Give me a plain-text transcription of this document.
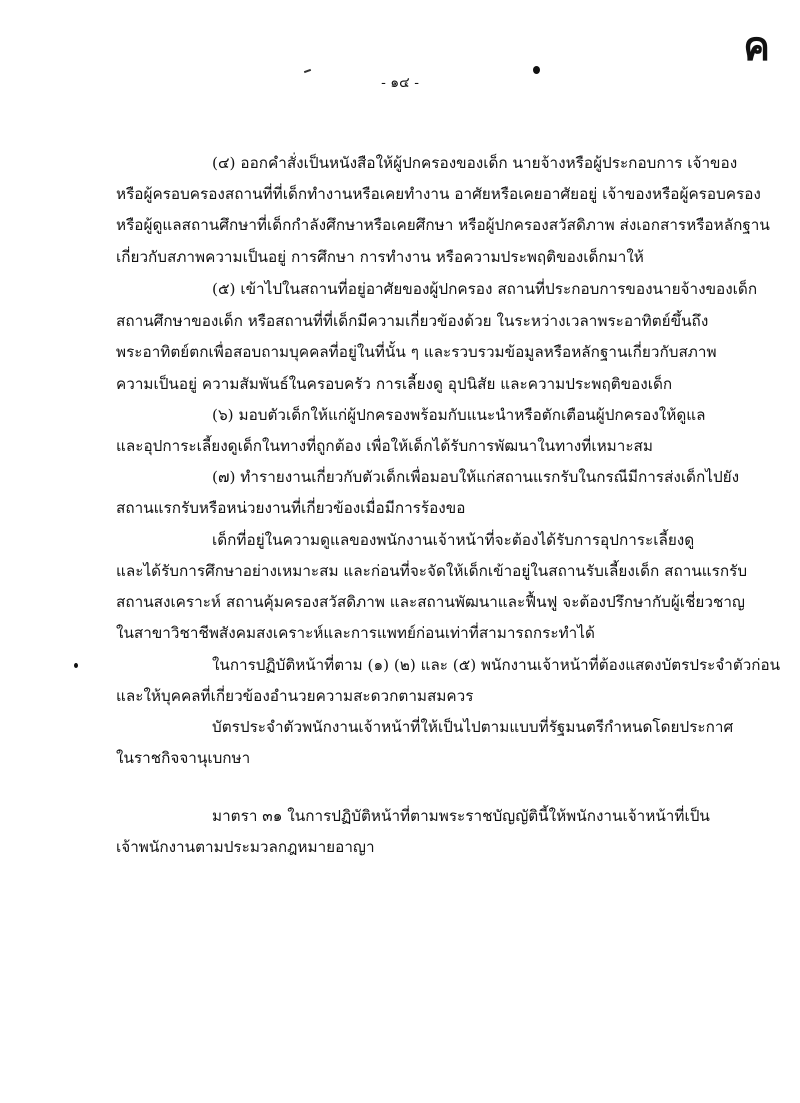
ค
- ๑๔ -
(๔) ออกคำสั่งเป็นหนังสือให้ผู้ปกครองของเด็ก นายจ้างหรือผู้ประกอบการ เจ้าของ
หรือผู้ครอบครองสถานที่ที่เด็กทำงานหรือเคยทำงาน อาศัยหรือเคยอาศัยอยู่ เจ้าของหรือผู้ครอบครอง
หรือผู้ดูแลสถานศึกษาที่เด็กกำลังศึกษาหรือเคยศึกษา หรือผู้ปกครองสวัสดิภาพ ส่งเอกสารหรือหลักฐาน
เกี่ยวกับสภาพความเป็นอยู่ การศึกษา การทำงาน หรือความประพฤติของเด็กมาให้
(๕) เข้าไปในสถานที่อยู่อาศัยของผู้ปกครอง สถานที่ประกอบการของนายจ้างของเด็ก
สถานศึกษาของเด็ก หรือสถานที่ที่เด็กมีความเกี่ยวข้องด้วย ในระหว่างเวลาพระอาทิตย์ขึ้นถึง
พระอาทิตย์ตกเพื่อสอบถามบุคคลที่อยู่ในที่นั้น ๆ และรวบรวมข้อมูลหรือหลักฐานเกี่ยวกับสภาพ
ความเป็นอยู่ ความสัมพันธ์ในครอบครัว การเลี้ยงดู อุปนิสัย และความประพฤติของเด็ก
(๖) มอบตัวเด็กให้แก่ผู้ปกครองพร้อมกับแนะนำหรือตักเตือนผู้ปกครองให้ดูแล
และอุปการะเลี้ยงดูเด็กในทางที่ถูกต้อง เพื่อให้เด็กได้รับการพัฒนาในทางที่เหมาะสม
(๗) ทำรายงานเกี่ยวกับตัวเด็กเพื่อมอบให้แก่สถานแรกรับในกรณีมีการส่งเด็กไปยัง
สถานแรกรับหรือหน่วยงานที่เกี่ยวข้องเมื่อมีการร้องขอ
เด็กที่อยู่ในความดูแลของพนักงานเจ้าหน้าที่จะต้องได้รับการอุปการะเลี้ยงดู
และได้รับการศึกษาอย่างเหมาะสม และก่อนที่จะจัดให้เด็กเข้าอยู่ในสถานรับเลี้ยงเด็ก สถานแรกรับ
สถานสงเคราะห์ สถานคุ้มครองสวัสดิภาพ และสถานพัฒนาและฟื้นฟู จะต้องปรึกษากับผู้เชี่ยวชาญ
ในสาขาวิชาชีพสังคมสงเคราะห์และการแพทย์ก่อนเท่าที่สามารถกระทำได้
ในการปฏิบัติหน้าที่ตาม (๑) (๒) และ (๕) พนักงานเจ้าหน้าที่ต้องแสดงบัตรประจำตัวก่อน
และให้บุคคลที่เกี่ยวข้องอำนวยความสะดวกตามสมควร
บัตรประจำตัวพนักงานเจ้าหน้าที่ให้เป็นไปตามแบบที่รัฐมนตรีกำหนดโดยประกาศ
ในราชกิจจานุเบกษา
มาตรา ๓๑ ในการปฏิบัติหน้าที่ตามพระราชบัญญัตินี้ให้พนักงานเจ้าหน้าที่เป็น
เจ้าพนักงานตามประมวลกฎหมายอาญา
